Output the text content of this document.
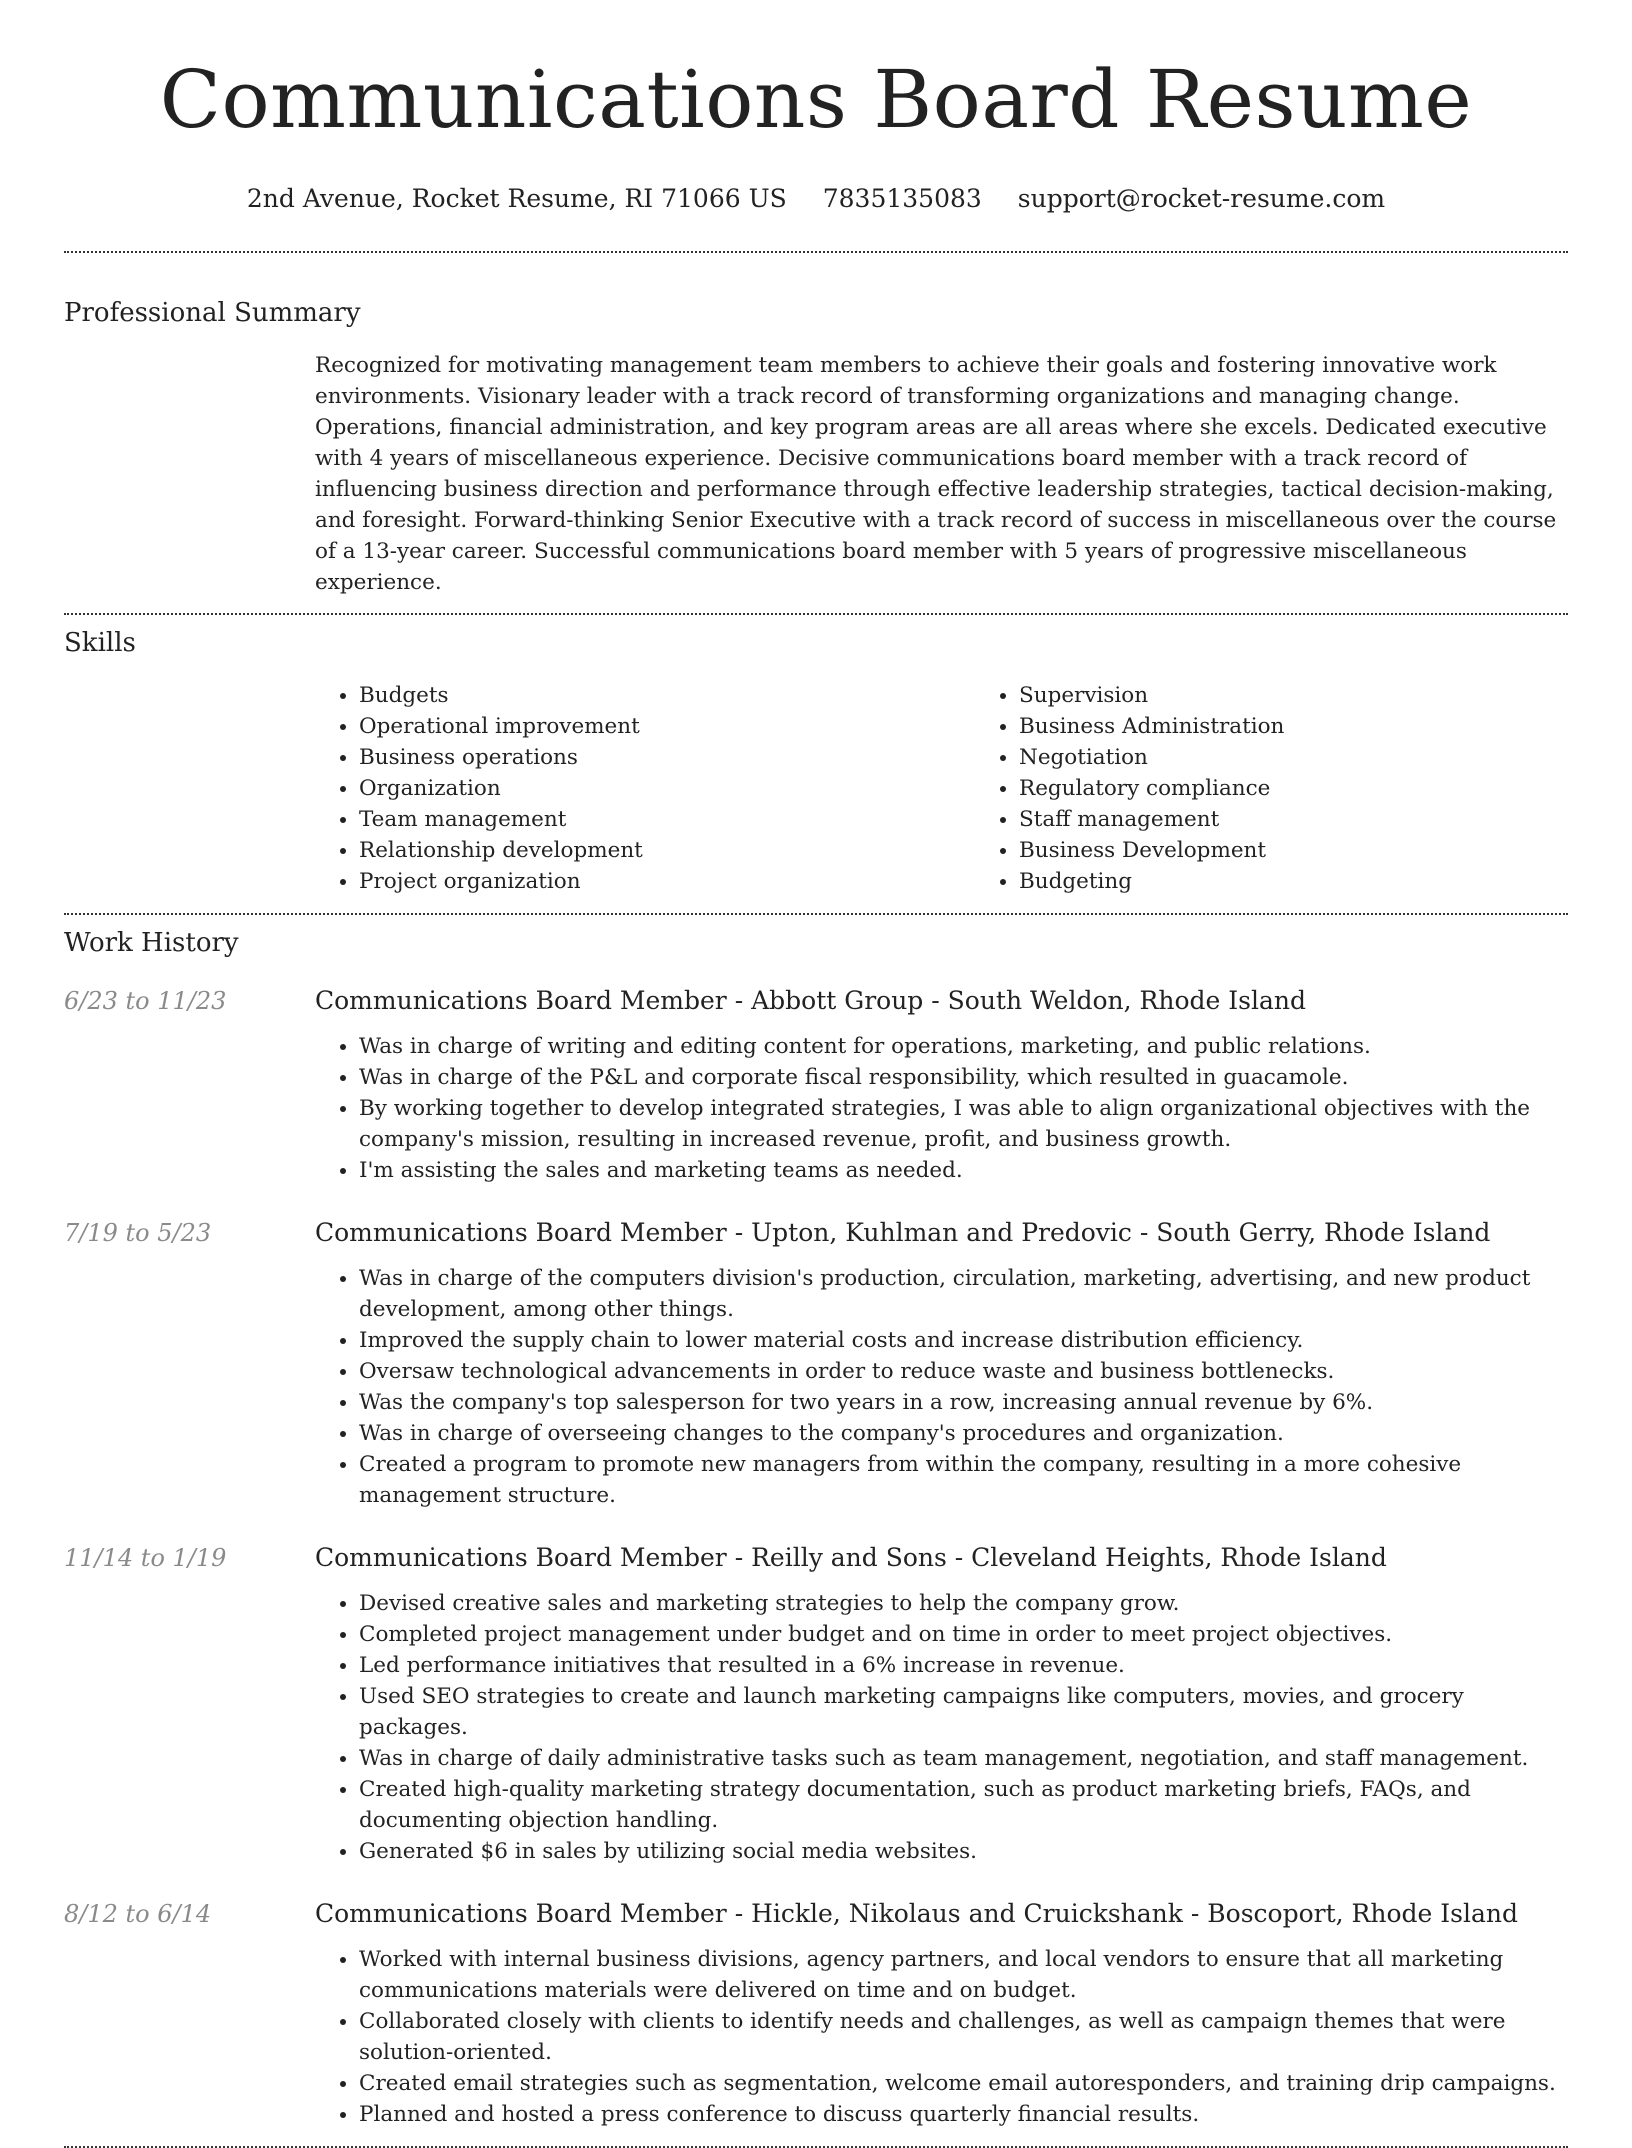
Communications Board Resume
2nd Avenue, Rocket Resume, RI 71066 US 7835135083 support@rocket-resume.com
Professional Summary

Recognized for motivating management team members to achieve their goals and fostering innovative work environments. Visionary leader with a track record of transforming organizations and managing change. Operations, financial administration, and key program areas are all areas where she excels. Dedicated executive with 4 years of miscellaneous experience. Decisive communications board member with a track record of influencing business direction and performance through effective leadership strategies, tactical decision-making, and foresight. Forward-thinking Senior Executive with a track record of success in miscellaneous over the course of a 13-year career. Successful communications board member with 5 years of progressive miscellaneous experience.

Skills
• Budgets
• Operational improvement
• Business operations
• Organization
• Team management
• Relationship development
• Project organization
• Supervision
• Business Administration
• Negotiation
• Regulatory compliance
• Staff management
• Business Development
• Budgeting
Work History
6/23 to 11/23	Communications Board Member - Abbott Group - South Weldon, Rhode Island
• Was in charge of writing and editing content for operations, marketing, and public relations.
• Was in charge of the P&L and corporate fiscal responsibility, which resulted in guacamole.
• By working together to develop integrated strategies, I was able to align organizational objectives with the company's mission, resulting in increased revenue, profit, and business growth.
• I'm assisting the sales and marketing teams as needed.
7/19 to 5/23	Communications Board Member - Upton, Kuhlman and Predovic - South Gerry, Rhode Island
• Was in charge of the computers division's production, circulation, marketing, advertising, and new product development, among other things.
• Improved the supply chain to lower material costs and increase distribution efficiency.
• Oversaw technological advancements in order to reduce waste and business bottlenecks.
• Was the company's top salesperson for two years in a row, increasing annual revenue by 6%.
• Was in charge of overseeing changes to the company's procedures and organization.
• Created a program to promote new managers from within the company, resulting in a more cohesive management structure.
11/14 to 1/19	Communications Board Member - Reilly and Sons - Cleveland Heights, Rhode Island
• Devised creative sales and marketing strategies to help the company grow.
• Completed project management under budget and on time in order to meet project objectives.
• Led performance initiatives that resulted in a 6% increase in revenue.
• Used SEO strategies to create and launch marketing campaigns like computers, movies, and grocery packages.
• Was in charge of daily administrative tasks such as team management, negotiation, and staff management.
• Created high-quality marketing strategy documentation, such as product marketing briefs, FAQs, and documenting objection handling.
• Generated $6 in sales by utilizing social media websites.
8/12 to 6/14	Communications Board Member - Hickle, Nikolaus and Cruickshank - Boscoport, Rhode Island
• Worked with internal business divisions, agency partners, and local vendors to ensure that all marketing communications materials were delivered on time and on budget.
• Collaborated closely with clients to identify needs and challenges, as well as campaign themes that were solution-oriented.
• Created email strategies such as segmentation, welcome email autoresponders, and training drip campaigns.
• Planned and hosted a press conference to discuss quarterly financial results.
